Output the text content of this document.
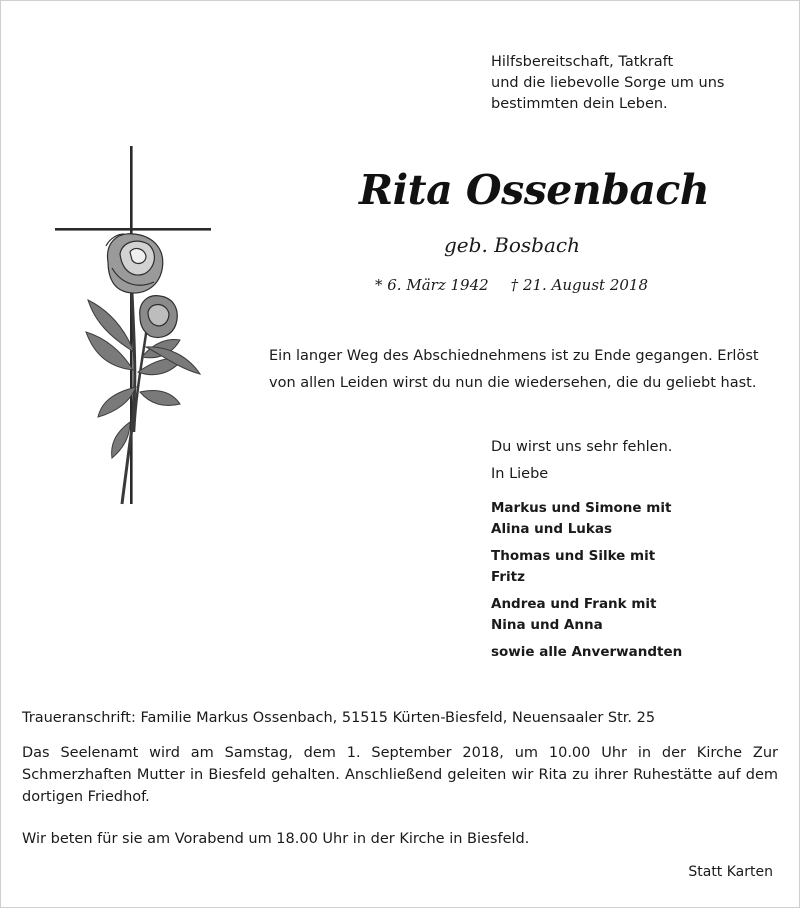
Hilfsbereitschaft, Tatkraft
und die liebevolle Sorge um uns
bestimmten dein Leben.
Rita Ossenbach
geb. Bosbach
* 6. März 1942 † 21. August 2018
Ein langer Weg des Abschiednehmens ist zu Ende gegangen. Erlöst
von allen Leiden wirst du nun die wiedersehen, die du geliebt hast.
Du wirst uns sehr fehlen.
In Liebe
Markus und Simone mit
Alina und Lukas
Thomas und Silke mit
Fritz
Andrea und Frank mit
Nina und Anna
sowie alle Anverwandten
Traueranschrift: Familie Markus Ossenbach, 51515 Kürten-Biesfeld, Neuensaaler Str. 25
Das Seelenamt wird am Samstag, dem 1. September 2018, um 10.00 Uhr in der Kirche Zur Schmerzhaften Mutter in Biesfeld gehalten. Anschließend geleiten wir Rita zu ihrer Ruhestätte auf dem dortigen Friedhof.
Wir beten für sie am Vorabend um 18.00 Uhr in der Kirche in Biesfeld.
Statt Karten
